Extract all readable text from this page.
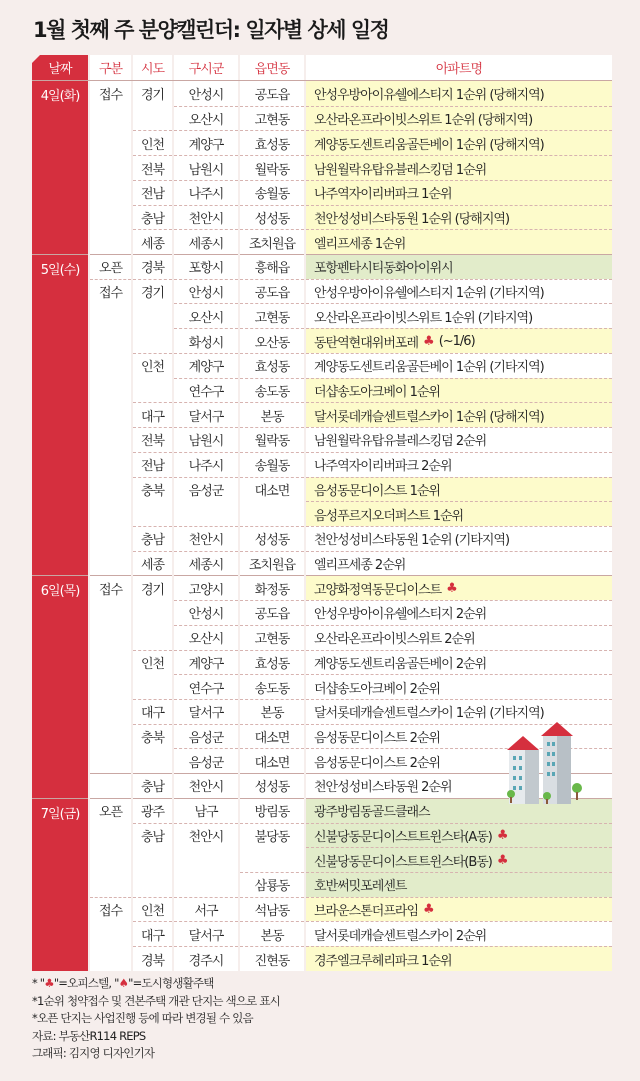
1월 첫째 주 분양캘린더: 일자별 상세 일정
날짜	구분	시도	구시군	읍면동	아파트명
4일(화) 접수 경기 안성시 공도읍 안성우방아이유쉘에스티지 1순위 (당해지역)
오산시 고현동 오산라온프라이빗스위트 1순위 (당해지역)
인천 계양구 효성동 계양동도센트리움골든베이 1순위 (당해지역)
전북 남원시 월락동 남원월락유탑유블레스킹덤 1순위
전남 나주시 송월동 나주역자이리버파크 1순위
충남 천안시 성성동 천안성성비스타동원 1순위 (당해지역)
세종 세종시 조치원읍 엘리프세종 1순위
5일(수) 오픈 경북 포항시 흥해읍 포항펜타시티동화아이위시
접수 경기 안성시 공도읍 안성우방아이유쉘에스티지 1순위 (기타지역)
오산시 고현동 오산라온프라이빗스위트 1순위 (기타지역)
화성시 오산동 동탄역현대위버포레 ♣ (~1/6)
인천 계양구 효성동 계양동도센트리움골든베이 1순위 (기타지역)
연수구 송도동 더샵송도아크베이 1순위
대구 달서구	본동 달서롯데캐슬센트럴스카이 1순위 (당해지역)
전북 남원시 월락동 남원월락유탑유블레스킹덤 2순위
전남 나주시 송월동 나주역자이리버파크 2순위
충북 음성군 대소면 음성동문디이스트 1순위
음성푸르지오더퍼스트 1순위
충남 천안시 성성동 천안성성비스타동원 1순위 (기타지역)
세종 세종시 조치원읍 엘리프세종 2순위
6일(목) 접수 경기 고양시 화정동 고양화정역동문디이스트 ♣
안성시 공도읍 안성우방아이유쉘에스티지 2순위
오산시 고현동 오산라온프라이빗스위트 2순위
인천 계양구 효성동 계양동도센트리움골든베이 2순위
연수구 송도동 더샵송도아크베이 2순위
대구 달서구	본동 달서롯데캐슬센트럴스카이 1순위 (기타지역)
충북 음성군 대소면 음성동문디이스트 2순위
음성군 대소면 음성동문디이스트 2순위
충남 천안시 성성동 천안성성비스타동원 2순위
7일(금) 오픈 광주 남구	방림동 광주방림동골드클래스
충남 천안시 불당동 신불당동문디이스트트윈스타(A동) ♣
신불당동문디이스트트윈스타(B동) ♣
삼룡동 호반써밋포레센트
접수 인천 서구	석남동 브라운스톤더프라임 ♣
대구 달서구	본동 달서롯데캐슬센트럴스카이 2순위
경북 경주시 진현동 경주엘크루헤리파크 1순위
* "♣"=오피스텔, "♠"=도시형생활주택
*1순위 청약접수 및 견본주택 개관 단지는 색으로 표시
*오픈 단지는 사업진행 등에 따라 변경될 수 있음
자료: 부동산R114 REPS
그래픽: 김지영 디자인기자
